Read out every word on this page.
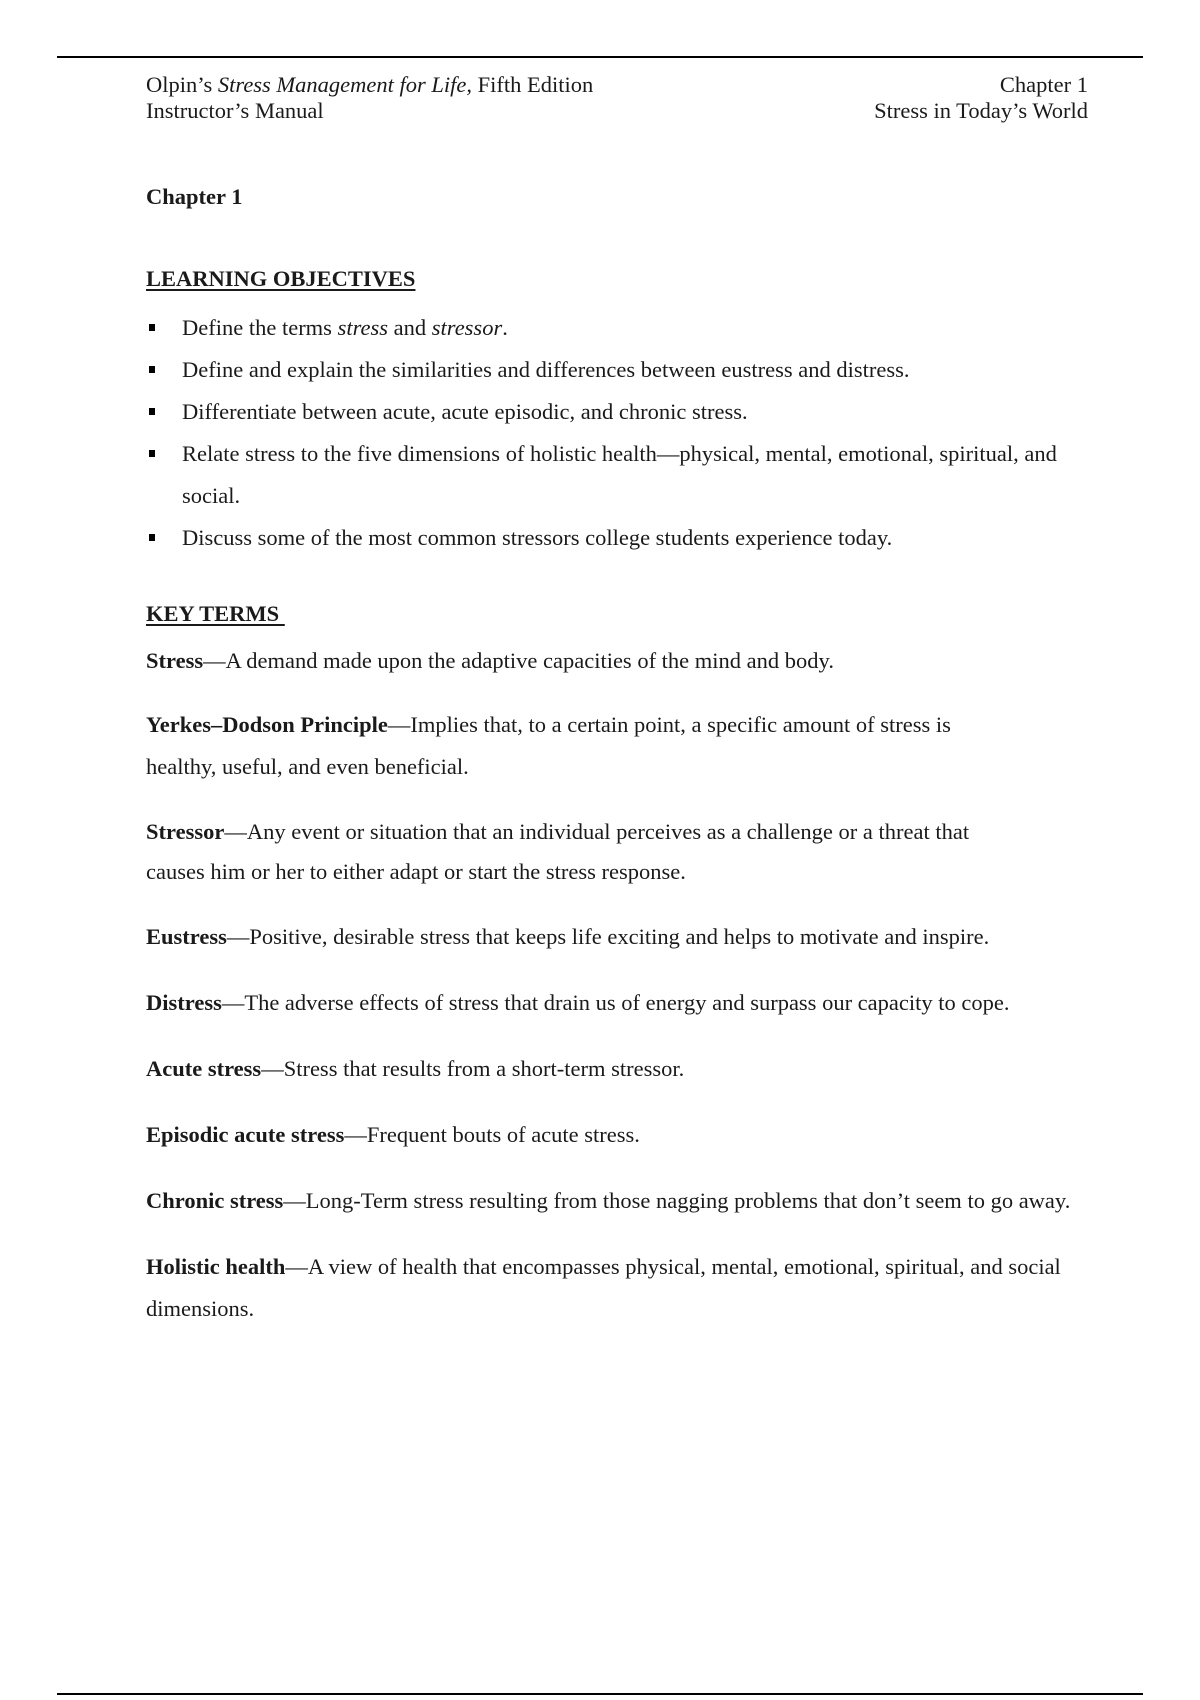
Olpin’s Stress Management for Life, Fifth Edition
Instructor’s Manual
Chapter 1
Stress in Today’s World
Chapter 1
LEARNING OBJECTIVES
Define the terms stress and stressor.
Define and explain the similarities and differences between eustress and distress.
Differentiate between acute, acute episodic, and chronic stress.
Relate stress to the five dimensions of holistic health—physical, mental, emotional, spiritual, and social.
Discuss some of the most common stressors college students experience today.
KEY TERMS

Stress—A demand made upon the adaptive capacities of the mind and body.

Yerkes–Dodson Principle—Implies that, to a certain point, a specific amount of stress is healthy, useful, and even beneficial.

Stressor—Any event or situation that an individual perceives as a challenge or a threat that causes him or her to either adapt or start the stress response.

Eustress—Positive, desirable stress that keeps life exciting and helps to motivate and inspire.

Distress—The adverse effects of stress that drain us of energy and surpass our capacity to cope.

Acute stress—Stress that results from a short-term stressor.

Episodic acute stress—Frequent bouts of acute stress.

Chronic stress—Long-Term stress resulting from those nagging problems that don’t seem to go away.

Holistic health—A view of health that encompasses physical, mental, emotional, spiritual, and social dimensions.
